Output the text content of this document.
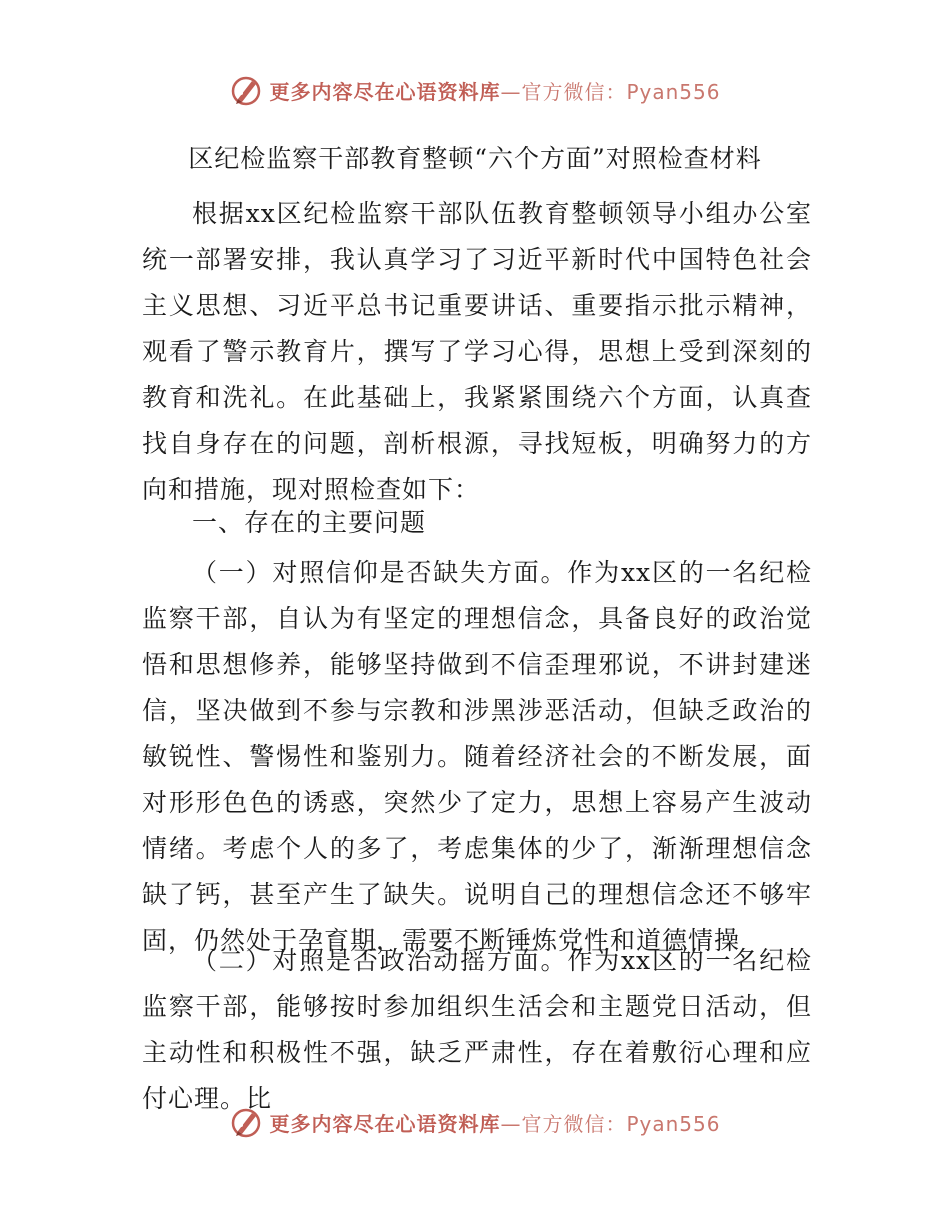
更多内容尽在心语资料库—官方微信：Pyan556
区纪检监察干部教育整顿“六个方面”对照检查材料

根据xx区纪检监察干部队伍教育整顿领导小组办公室统一部署安排，我认真学习了习近平新时代中国特色社会主义思想、习近平总书记重要讲话、重要指示批示精神，观看了警示教育片，撰写了学习心得，思想上受到深刻的教育和洗礼。在此基础上，我紧紧围绕六个方面，认真查找自身存在的问题，剖析根源，寻找短板，明确努力的方向和措施，现对照检查如下：

一、存在的主要问题

（一）对照信仰是否缺失方面。作为xx区的一名纪检监察干部，自认为有坚定的理想信念，具备良好的政治觉悟和思想修养，能够坚持做到不信歪理邪说，不讲封建迷信，坚决做到不参与宗教和涉黑涉恶活动，但缺乏政治的敏锐性、警惕性和鉴别力。随着经济社会的不断发展，面对形形色色的诱惑，突然少了定力，思想上容易产生波动情绪。考虑个人的多了，考虑集体的少了，渐渐理想信念缺了钙，甚至产生了缺失。说明自己的理想信念还不够牢固，仍然处于孕育期，需要不断锤炼党性和道德情操

（二）对照是否政治动摇方面。作为xx区的一名纪检监察干部，能够按时参加组织生活会和主题党日活动，但主动性和积极性不强，缺乏严肃性，存在着敷衍心理和应付心理。比

更多内容尽在心语资料库—官方微信：Pyan556
